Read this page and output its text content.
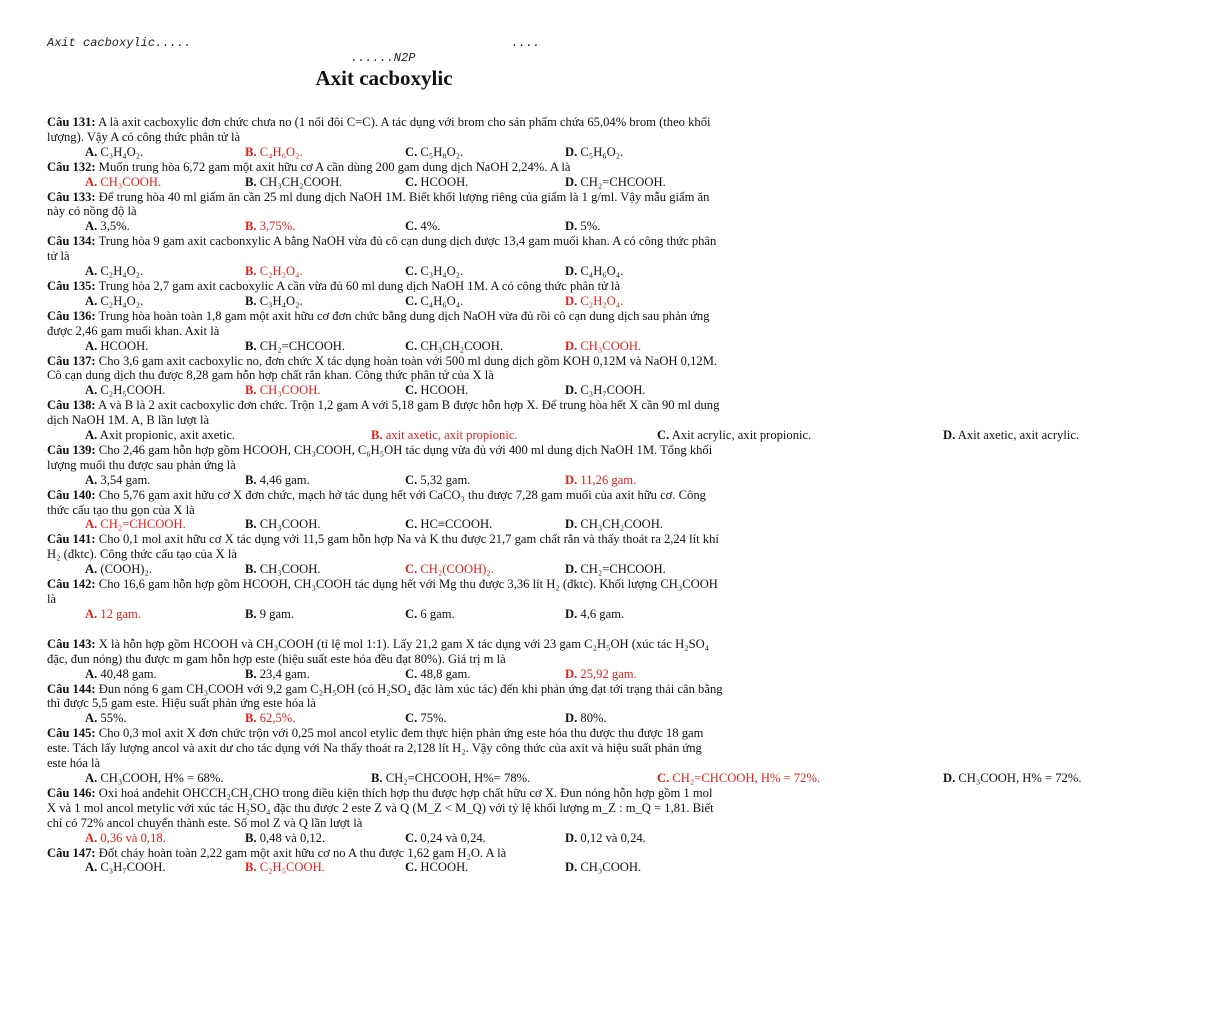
Axit cacboxylic.....	....
......N2P
Axit cacboxylic

Câu 131: A là axit cacboxylic đơn chức chưa no (1 nối đôi C=C). A tác dụng với brom cho sản phẩm chứa 65,04% brom (theo khối lượng). Vậy A có công thức phân tử là

A. C₃H₄O₂.	B. C₄H₆O₂.	C. C₅H₈O₂.	D. C₅H₆O₂.

Câu 132: Muốn trung hòa 6,72 gam một axit hữu cơ A cần dùng 200 gam dung dịch NaOH 2,24%. A là

A. CH₃COOH.	B. CH₃CH₂COOH.	C. HCOOH.	D. CH₂=CHCOOH.

Câu 133: Để trung hòa 40 ml giấm ăn cần 25 ml dung dịch NaOH 1M. Biết khối lượng riêng của giấm là 1 g/ml. Vậy mẫu giấm ăn này có nồng độ là

A. 3,5%.	B. 3,75%.	C. 4%.	D. 5%.

Câu 134: Trung hòa 9 gam axit cacbonxylic A bằng NaOH vừa đủ cô cạn dung dịch được 13,4 gam muối khan. A có công thức phân tử là

A. C₂H₄O₂.	B. C₂H₂O₄.	C. C₃H₄O₂.	D. C₄H₆O₄.

Câu 135: Trung hòa 2,7 gam axit cacboxylic A cần vừa đủ 60 ml dung dịch NaOH 1M. A có công thức phân tử là

A. C₂H₄O₂.	B. C₃H₄O₂.	C. C₄H₆O₄.	D. C₂H₂O₄.

Câu 136: Trung hòa hoàn toàn 1,8 gam một axit hữu cơ đơn chức bằng dung dịch NaOH vừa đủ rồi cô cạn dung dịch sau phản ứng được 2,46 gam muối khan. Axit là

A. HCOOH.	B. CH₂=CHCOOH.	C. CH₃CH₂COOH.	D. CH₃COOH.

Câu 137: Cho 3,6 gam axit cacboxylic no, đơn chức X tác dụng hoàn toàn với 500 ml dung dịch gồm KOH 0,12M và NaOH 0,12M. Cô cạn dung dịch thu được 8,28 gam hỗn hợp chất rắn khan. Công thức phân tử của X là

A. C₂H₅COOH.	B. CH₃COOH.	C. HCOOH.	D. C₃H₇COOH.

Câu 138: A và B là 2 axit cacboxylic đơn chức. Trộn 1,2 gam A với 5,18 gam B được hỗn hợp X. Để trung hòa hết X cần 90 ml dung dịch NaOH 1M. A, B lần lượt là

A. Axit propionic, axit axetic.	B. axit axetic, axit propionic.	C. Axit acrylic, axit propionic.	D. Axit axetic, axit acrylic.

Câu 139: Cho 2,46 gam hỗn hợp gồm HCOOH, CH₃COOH, C₆H₅OH tác dụng vừa đủ với 400 ml dung dịch NaOH 1M. Tổng khối lượng muối thu được sau phản ứng là

A. 3,54 gam.	B. 4,46 gam.	C. 5,32 gam.	D. 11,26 gam.

Câu 140: Cho 5,76 gam axit hữu cơ X đơn chức, mạch hở tác dụng hết với CaCO₃ thu được 7,28 gam muối của axit hữu cơ. Công thức cấu tạo thu gọn của X là

A. CH₂=CHCOOH.	B. CH₃COOH.	C. HC≡CCOOH.	D. CH₃CH₂COOH.

Câu 141: Cho 0,1 mol axit hữu cơ X tác dụng với 11,5 gam hỗn hợp Na và K thu được 21,7 gam chất rắn và thấy thoát ra 2,24 lít khí H₂ (đktc). Công thức cấu tạo của X là

A. (COOH)₂.	B. CH₃COOH.	C. CH₂(COOH)₂.	D. CH₂=CHCOOH.

Câu 142: Cho 16,6 gam hỗn hợp gồm HCOOH, CH₃COOH tác dụng hết với Mg thu được 3,36 lít H₂ (đktc). Khối lượng CH₃COOH là

A. 12 gam.	B. 9 gam.	C. 6 gam.	D. 4,6 gam.

Câu 143: X là hỗn hợp gồm HCOOH và CH₃COOH (tỉ lệ mol 1:1). Lấy 21,2 gam X tác dụng với 23 gam C₂H₅OH (xúc tác H₂SO₄ đặc, đun nóng) thu được m gam hỗn hợp este (hiệu suất este hóa đều đạt 80%). Giá trị m là

A. 40,48 gam.	B. 23,4 gam.	C. 48,8 gam.	D. 25,92 gam.

Câu 144: Đun nóng 6 gam CH₃COOH với 9,2 gam C₂H₅OH (có H₂SO₄ đặc làm xúc tác) đến khi phản ứng đạt tới trạng thái cân bằng thì được 5,5 gam este. Hiệu suất phản ứng este hóa là

A. 55%.	B. 62,5%.	C. 75%.	D. 80%.

Câu 145: Cho 0,3 mol axit X đơn chức trộn với 0,25 mol ancol etylic đem thực hiện phản ứng este hóa thu được thu được 18 gam este. Tách lấy lượng ancol và axit dư cho tác dụng với Na thấy thoát ra 2,128 lít H₂. Vậy công thức của axit và hiệu suất phản ứng este hóa là

A. CH₃COOH, H% = 68%.	B. CH₂=CHCOOH, H%= 78%.	C. CH₂=CHCOOH, H% = 72%.	D. CH₃COOH, H% = 72%.

Câu 146: Oxi hoá anđehit OHCCH₂CH₂CHO trong điều kiện thích hợp thu được hợp chất hữu cơ X. Đun nóng hỗn hợp gồm 1 mol X và 1 mol ancol metylic với xúc tác H₂SO₄ đặc thu được 2 este Z và Q (M_Z < M_Q) với tỷ lệ khối lượng m_Z : m_Q = 1,81. Biết chỉ có 72% ancol chuyển thành este. Số mol Z và Q lần lượt là

A. 0,36 và 0,18.	B. 0,48 và 0,12.	C. 0,24 và 0,24.	D. 0,12 và 0,24.

Câu 147: Đốt cháy hoàn toàn 2,22 gam một axit hữu cơ no A thu được 1,62 gam H₂O. A là

A. C₃H₇COOH.	B. C₂H₅COOH.	C. HCOOH.	D. CH₃COOH.
